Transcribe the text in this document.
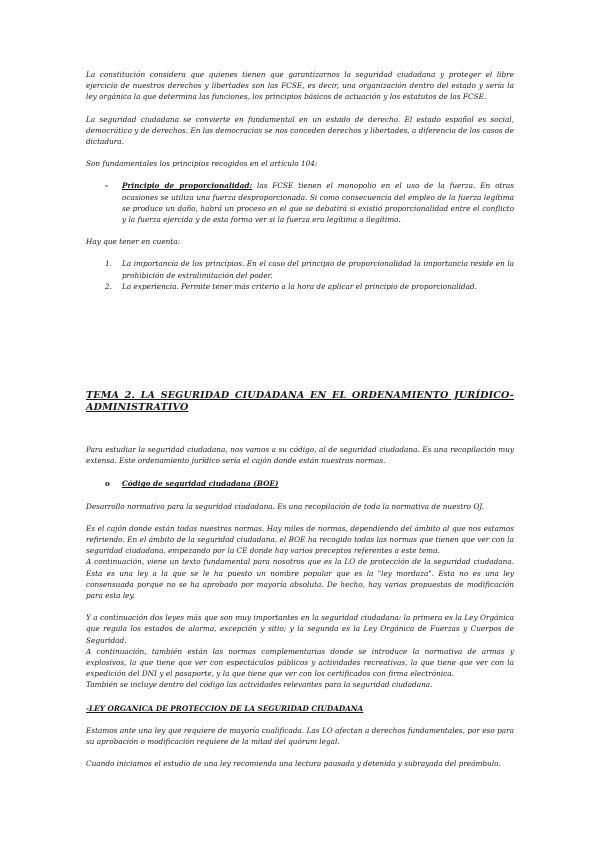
La constitución considera que quienes tienen que garantizarnos la seguridad ciudadana y proteger el libre ejercicio de nuestros derechos y libertades son las FCSE, es decir, una organización dentro del estado y sería la ley orgánica la que determina las funciones, los principios básicos de actuación y los estatutos de las FCSE.

La seguridad ciudadana se convierte en fundamental en un estado de derecho. El estado español es social, democrático y de derechos. En las democracias se nos conceden derechos y libertades, a diferencia de los casos de dictadura.

Son fundamentales los principios recogidos en el artículo 104:

- Principio de proporcionalidad: las FCSE tienen el monopolio en el uso de la fuerza. En otras ocasiones se utiliza una fuerza desproporcionada. Si como consecuencia del empleo de la fuerza legítima se produce un daño, habrá un proceso en el que se debatirá si existió proporcionalidad entre el conflicto y la fuerza ejercida y de esta forma ver si la fuerza era legítima o ilegítima.

Hay que tener en cuenta:

1. La importancia de los principios. En el caso del principio de proporcionalidad la importancia reside en la prohibición de extralimitación del poder.
2. La experiencia. Permite tener más criterio a la hora de aplicar el principio de proporcionalidad.
TEMA 2. LA SEGURIDAD CIUDADANA EN EL ORDENAMIENTO JURÍDICO-ADMINISTRATIVO

Para estudiar la seguridad ciudadana, nos vamos a su código, al de seguridad ciudadana. Es una recopilación muy extensa. Este ordenamiento jurídico sería el cajón donde están nuestras normas.

o Código de seguridad ciudadana (BOE)

Desarrollo normativo para la seguridad ciudadana. Es una recopilación de toda la normativa de nuestro OJ.

Es el cajón donde están todas nuestras normas. Hay miles de normas, dependiendo del ámbito al que nos estamos refiriendo. En el ámbito de la seguridad ciudadana, el BOE ha recogido todas las normas que tienen que ver con la seguridad ciudadana, empezando por la CE donde hay varios preceptos referentes a este tema.

A continuación, viene un texto fundamental para nosotros que es la LO de protección de la seguridad ciudadana. Esta es una ley a la que se le ha puesto un nombre popular que es la "ley mordaza". Esta no es una ley consensuada porque no se ha aprobado por mayoría absoluta. De hecho, hay varias propuestas de modificación para esta ley.

Y a continuación dos leyes más que son muy importantes en la seguridad ciudadana: la primera es la Ley Orgánica que regula los estados de alarma, excepción y sitio; y la segunda es la Ley Orgánica de Fuerzas y Cuerpos de Seguridad.

A continuación, también están las normas complementarias donde se introduce la normativa de armas y explosivos, la que tiene que ver con espectáculos públicos y actividades recreativas, la que tiene que ver con la expedición del DNI y el pasaporte, y la que tiene que ver con los certificados con firma electrónica.

También se incluye dentro del código las actividades relevantes para la seguridad ciudadana.

-LEY ORGANICA DE PROTECCION DE LA SEGURIDAD CIUDADANA

Estamos ante una ley que requiere de mayoría cualificada. Las LO afectan a derechos fundamentales, por eso para su aprobación o modificación requiere de la mitad del quórum legal.

Cuando iniciamos el estudio de una ley recomienda una lectura pausada y detenida y subrayada del preámbulo.
